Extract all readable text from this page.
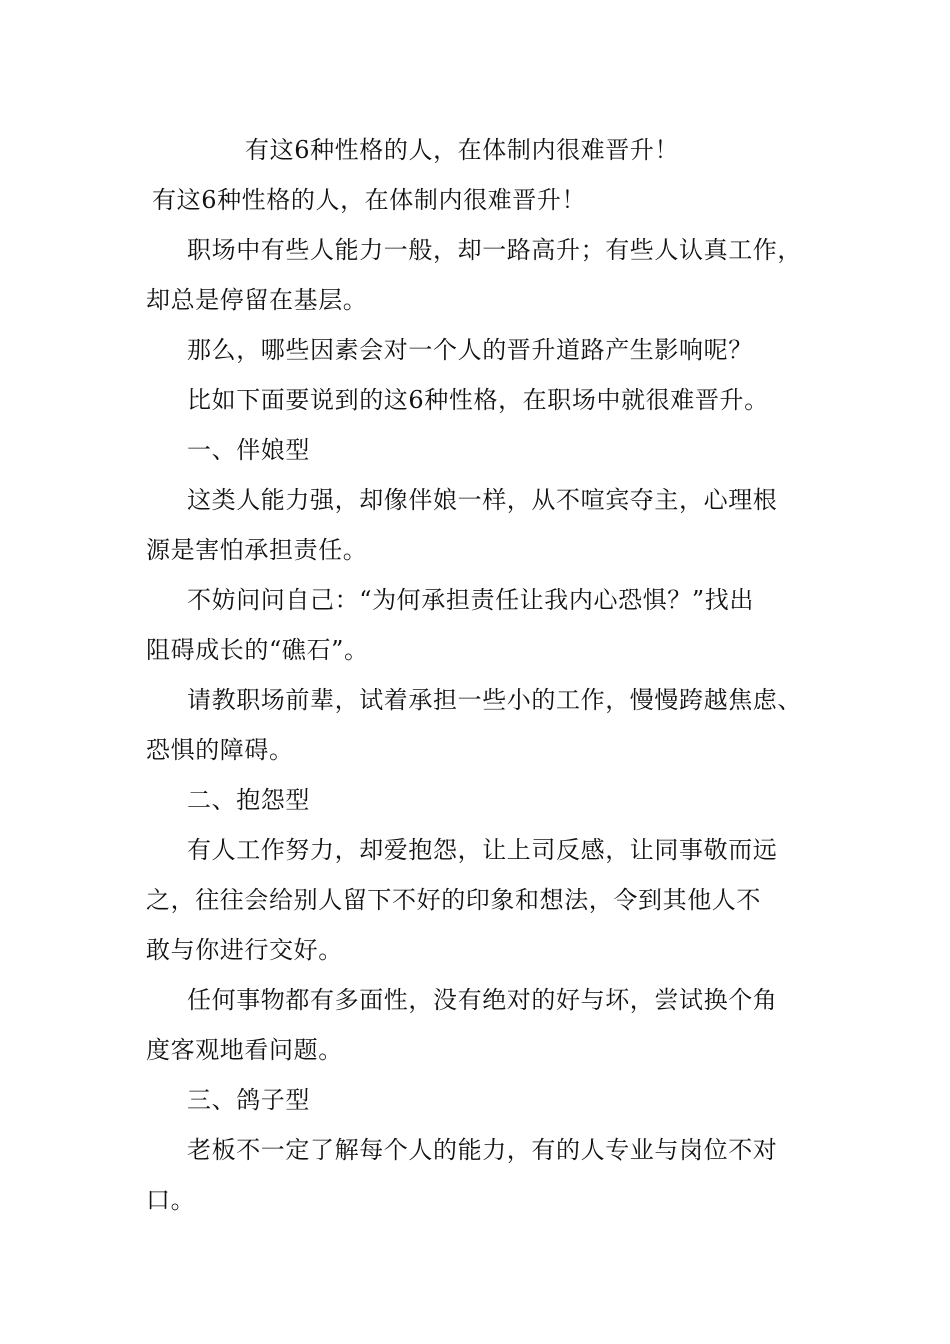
有这6种性格的人，在体制内很难晋升！
有这6种性格的人，在体制内很难晋升！
职场中有些人能力一般，却一路高升；有些人认真工作，
却总是停留在基层。
那么，哪些因素会对一个人的晋升道路产生影响呢？
比如下面要说到的这6种性格，在职场中就很难晋升。
一、伴娘型
这类人能力强，却像伴娘一样，从不喧宾夺主，心理根
源是害怕承担责任。
不妨问问自己：“为何承担责任让我内心恐惧？”找出
阻碍成长的“礁石”。
请教职场前辈，试着承担一些小的工作，慢慢跨越焦虑、
恐惧的障碍。
二、抱怨型
有人工作努力，却爱抱怨，让上司反感，让同事敬而远
之，往往会给别人留下不好的印象和想法，令到其他人不
敢与你进行交好。
任何事物都有多面性，没有绝对的好与坏，尝试换个角
度客观地看问题。
三、鸽子型
老板不一定了解每个人的能力，有的人专业与岗位不对
口。
